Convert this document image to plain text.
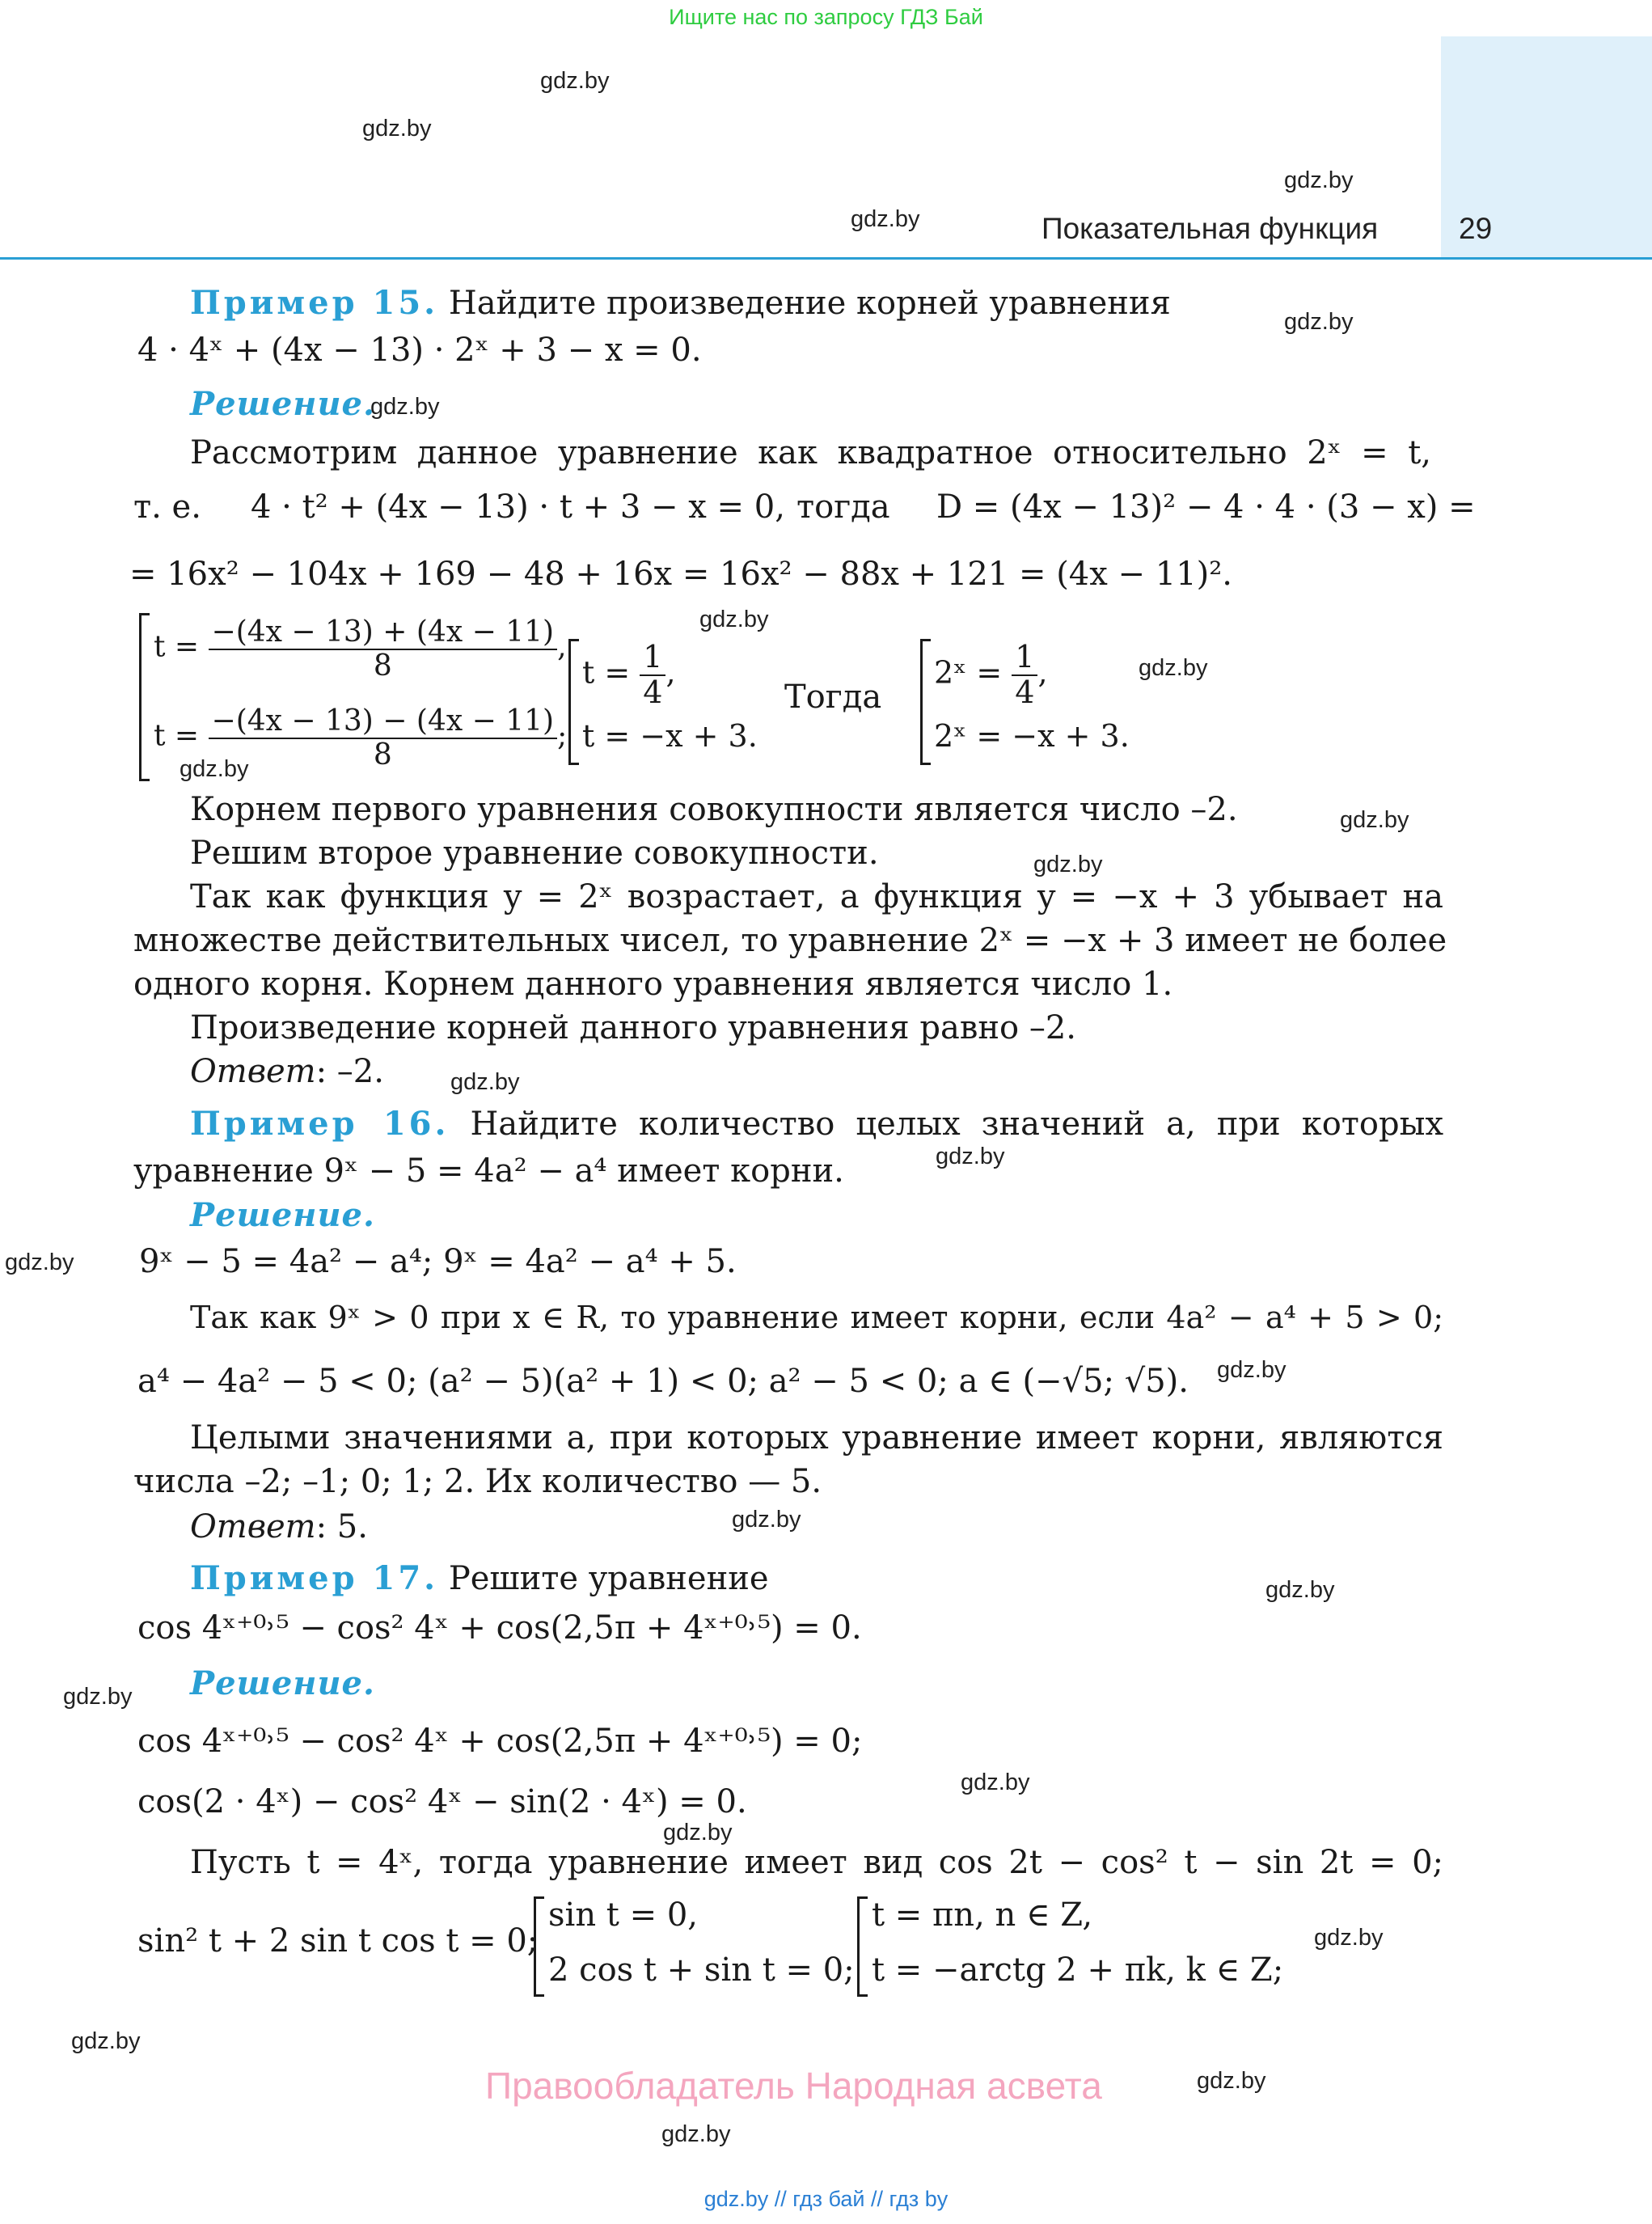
Ищите нас по запросу ГДЗ Бай
Показательная функция	29
gdz.by
gdz.by
gdz.by
gdz.by
gdz.by
gdz.by
gdz.by
gdz.by
gdz.by
gdz.by
gdz.by
gdz.by
gdz.by
gdz.by
gdz.by
gdz.by
gdz.by
gdz.by
gdz.by
gdz.by
gdz.by
gdz.by
gdz.by
gdz.by
Пример 15. Найдите произведение корней уравнения
4 · 4ˣ + (4x − 13) · 2ˣ + 3 − x = 0.
Решение.
Рассмотрим данное уравнение как квадратное относительно 2ˣ = t,
т. е. 4 · t² + (4x − 13) · t + 3 − x = 0, тогда D = (4x − 13)² − 4 · 4 · (3 − x) =
= 16x² − 104x + 169 − 48 + 16x = 16x² − 88x + 121 = (4x − 11)².
$t = \frac{-(4x - 13) + (4x - 11)}{8}$ ,
$t = \frac{-(4x - 13) - (4x - 11)}{8}$ ;
$t = \frac{1}{4}$ ,
t = −x + 3.
Тогда
2ˣ = $\frac{1}{4}$ ,
2ˣ = −x + 3.
Корнем первого уравнения совокупности является число –2.
Решим второе уравнение совокупности.
Так как функция y = 2ˣ возрастает, а функция y = −x + 3 убывает на
множестве действительных чисел, то уравнение 2ˣ = −x + 3 имеет не более
одного корня. Корнем данного уравнения является число 1.
Произведение корней данного уравнения равно –2.
Ответ: –2.
Пример 16. Найдите количество целых значений a, при которых
уравнение 9ˣ − 5 = 4a² − a⁴ имеет корни.
Решение.
9ˣ − 5 = 4a² − a⁴; 9ˣ = 4a² − a⁴ + 5.
Так как 9ˣ > 0 при x ∈ R, то уравнение имеет корни, если 4a² − a⁴ + 5 > 0;
a⁴ − 4a² − 5 < 0; (a² − 5)(a² + 1) < 0; a² − 5 < 0; a ∈ (−√5; √5).
Целыми значениями a, при которых уравнение имеет корни, являются
числа –2; –1; 0; 1; 2. Их количество — 5.
Ответ: 5.
Пример 17. Решите уравнение
cos 4ˣ⁺⁰˒⁵ − cos² 4ˣ + cos(2,5π + 4ˣ⁺⁰˒⁵) = 0.
Решение.
cos 4ˣ⁺⁰˒⁵ − cos² 4ˣ + cos(2,5π + 4ˣ⁺⁰˒⁵) = 0;
cos(2 · 4ˣ) − cos² 4ˣ − sin(2 · 4ˣ) = 0.
Пусть t = 4ˣ, тогда уравнение имеет вид cos 2t − cos² t − sin 2t = 0;
sin² t + 2 sin t cos t = 0;
sin t = 0,
2 cos t + sin t = 0;
t = πn, n ∈ Z,
t = −arctg 2 + πk, k ∈ Z;
Правообладатель Народная асвета
gdz.by // гдз бай // гдз by
